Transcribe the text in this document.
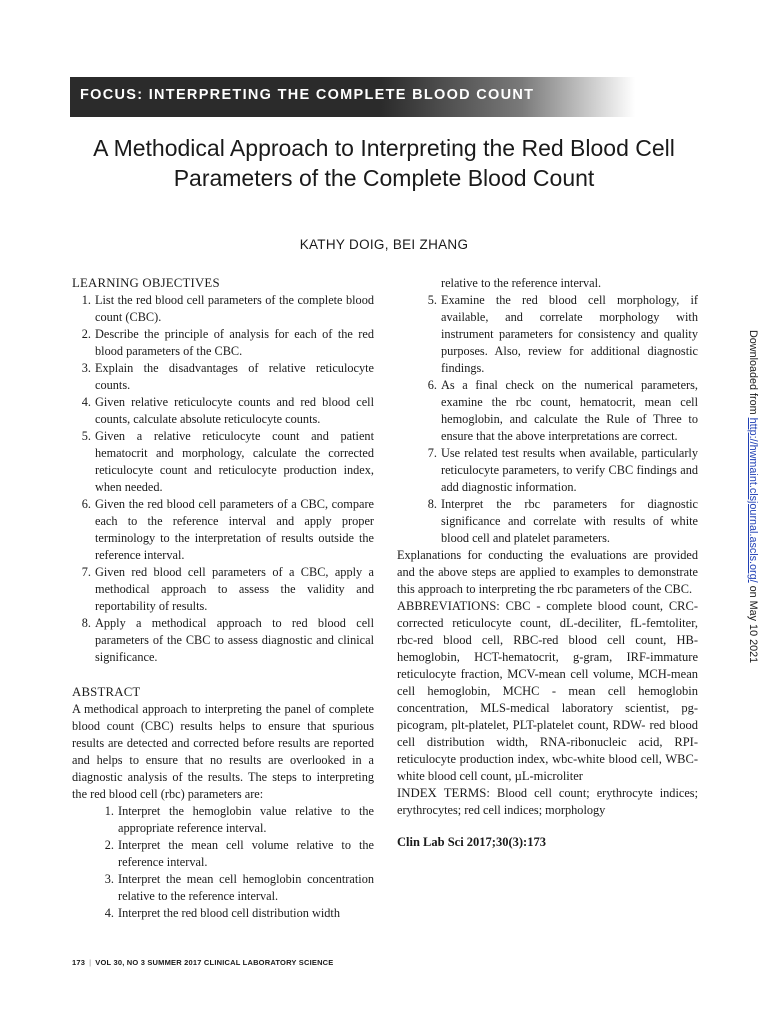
FOCUS: INTERPRETING THE COMPLETE BLOOD COUNT
A Methodical Approach to Interpreting the Red Blood Cell Parameters of the Complete Blood Count
KATHY DOIG, BEI ZHANG
LEARNING OBJECTIVES
1. List the red blood cell parameters of the complete blood count (CBC).
2. Describe the principle of analysis for each of the red blood parameters of the CBC.
3. Explain the disadvantages of relative reticulocyte counts.
4. Given relative reticulocyte counts and red blood cell counts, calculate absolute reticulocyte counts.
5. Given a relative reticulocyte count and patient hematocrit and morphology, calculate the corrected reticulocyte count and reticulocyte production index, when needed.
6. Given the red blood cell parameters of a CBC, compare each to the reference interval and apply proper terminology to the interpretation of results outside the reference interval.
7. Given red blood cell parameters of a CBC, apply a methodical approach to assess the validity and reportability of results.
8. Apply a methodical approach to red blood cell parameters of the CBC to assess diagnostic and clinical significance.
ABSTRACT

A methodical approach to interpreting the panel of complete blood count (CBC) results helps to ensure that spurious results are detected and corrected before results are reported and helps to ensure that no results are overlooked in a diagnostic analysis of the results. The steps to interpreting the red blood cell (rbc) parameters are:

1. Interpret the hemoglobin value relative to the appropriate reference interval.
2. Interpret the mean cell volume relative to the reference interval.
3. Interpret the mean cell hemoglobin concentration relative to the reference interval.
4. Interpret the red blood cell distribution width
relative to the reference interval.
5. Examine the red blood cell morphology, if available, and correlate morphology with instrument parameters for consistency and quality purposes. Also, review for additional diagnostic findings.
6. As a final check on the numerical parameters, examine the rbc count, hematocrit, mean cell hemoglobin, and calculate the Rule of Three to ensure that the above interpretations are correct.
7. Use related test results when available, particularly reticulocyte parameters, to verify CBC findings and add diagnostic information.
8. Interpret the rbc parameters for diagnostic significance and correlate with results of white blood cell and platelet parameters.

Explanations for conducting the evaluations are provided and the above steps are applied to examples to demonstrate this approach to interpreting the rbc parameters of the CBC.

ABBREVIATIONS: CBC - complete blood count, CRC-corrected reticulocyte count, dL-deciliter, fL-femtoliter, rbc-red blood cell, RBC-red blood cell count, HB-hemoglobin, HCT-hematocrit, g-gram, IRF-immature reticulocyte fraction, MCV-mean cell volume, MCH-mean cell hemoglobin, MCHC - mean cell hemoglobin concentration, MLS-medical laboratory scientist, pg-picogram, plt-platelet, PLT-platelet count, RDW- red blood cell distribution width, RNA-ribonucleic acid, RPI-reticulocyte production index, wbc-white blood cell, WBC-white blood cell count, µL-microliter

INDEX TERMS: Blood cell count; erythrocyte indices; erythrocytes; red cell indices; morphology

Clin Lab Sci 2017;30(3):173
173 | VOL 30, NO 3 SUMMER 2017 CLINICAL LABORATORY SCIENCE
Downloaded from http://hwmaint.clsjournal.ascls.org/ on May 10 2021
